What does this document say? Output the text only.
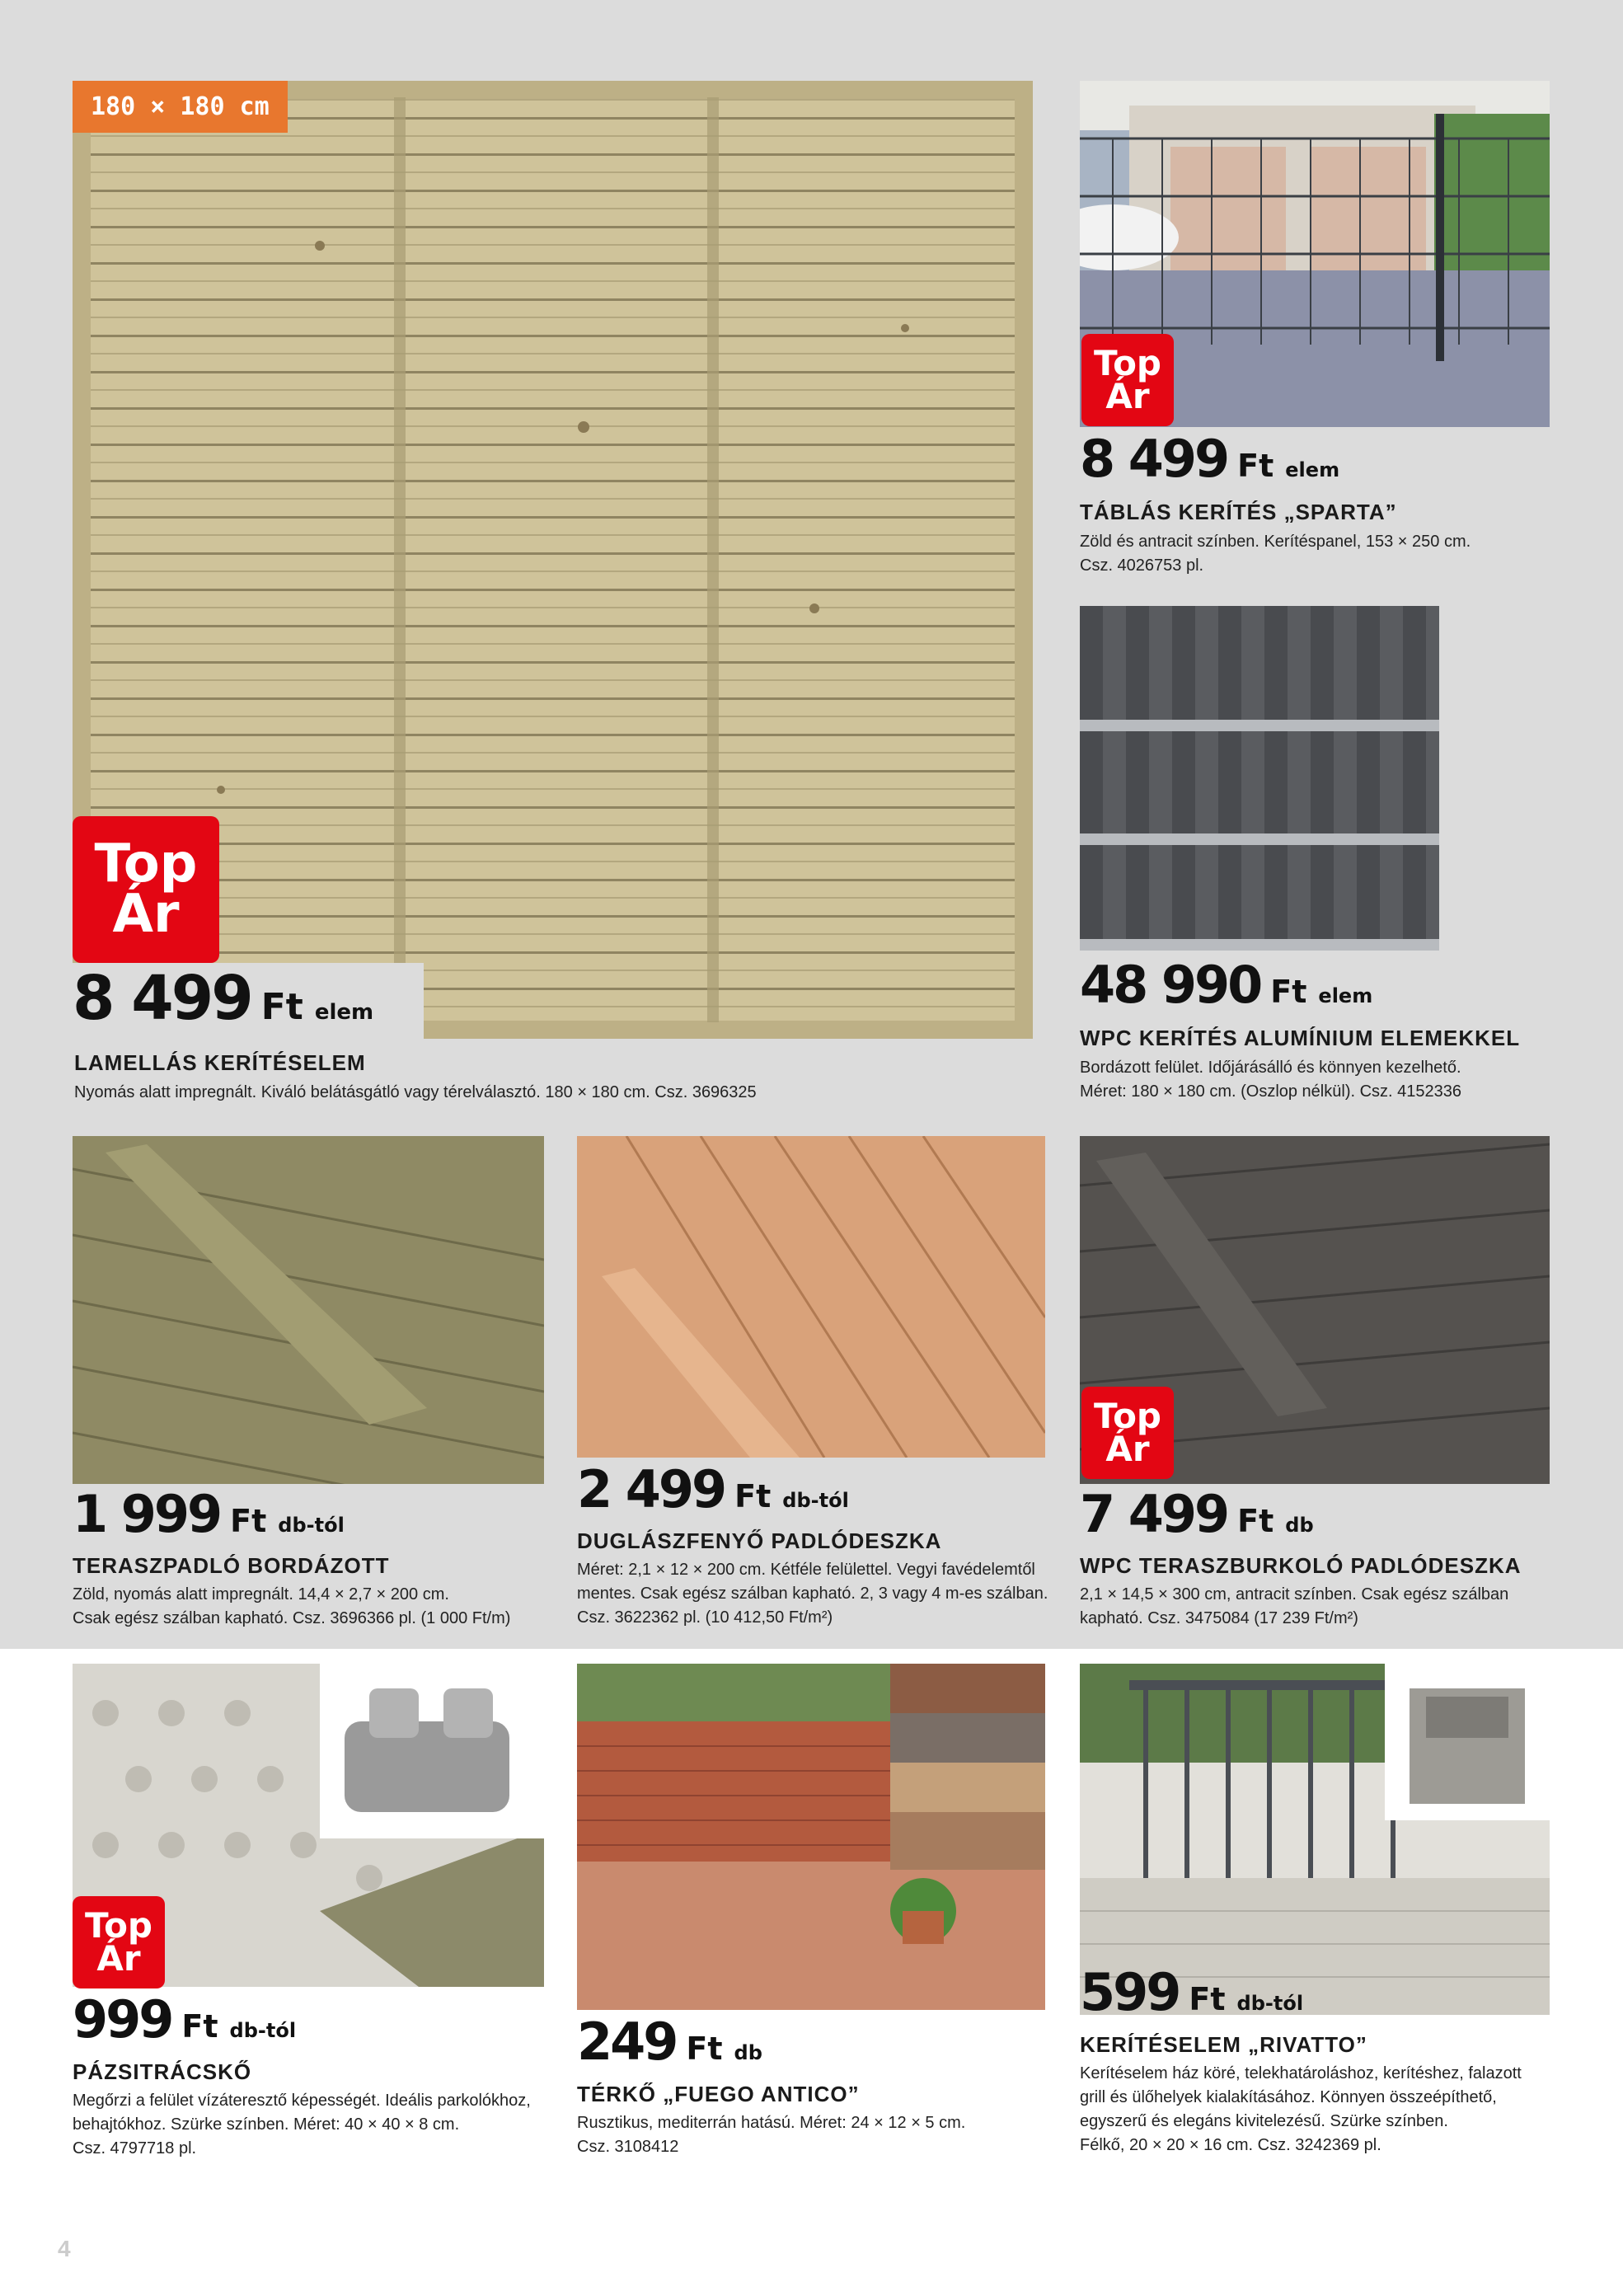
180 × 180 cm
Top
Ár
8 499 Ft elem
LAMELLÁS KERÍTÉSELEM
Nyomás alatt impregnált. Kiváló belátásgátló vagy térelválasztó. 180 × 180 cm. Csz. 3696325
Top
Ár
8 499 Ft elem
TÁBLÁS KERÍTÉS „SPARTA”
Zöld és antracit színben. Kerítéspanel, 153 × 250 cm.
Csz. 4026753 pl.
48 990 Ft elem
WPC KERÍTÉS ALUMÍNIUM ELEMEKKEL
Bordázott felület. Időjárásálló és könnyen kezelhető.
Méret: 180 × 180 cm. (Oszlop nélkül). Csz. 4152336
Top
Ár
1 999 Ft db-tól
TERASZPADLÓ BORDÁZOTT
Zöld, nyomás alatt impregnált. 14,4 × 2,7 × 200 cm.
Csak egész szálban kapható. Csz. 3696366 pl. (1 000 Ft/m)
2 499 Ft db-tól
DUGLÁSZFENYŐ PADLÓDESZKA
Méret: 2,1 × 12 × 200 cm. Kétféle felülettel. Vegyi favédelemtől
mentes. Csak egész szálban kapható. 2, 3 vagy 4 m-es szálban.
Csz. 3622362 pl. (10 412,50 Ft/m²)
7 499 Ft db
WPC TERASZBURKOLÓ PADLÓDESZKA
2,1 × 14,5 × 300 cm, antracit színben. Csak egész szálban
kapható. Csz. 3475084 (17 239 Ft/m²)
Top
Ár
999 Ft db-tól
PÁZSITRÁCSKŐ
Megőrzi a felület vízáteresztő képességét. Ideális parkolókhoz,
behajtókhoz. Szürke színben. Méret: 40 × 40 × 8 cm.
Csz. 4797718 pl.
249 Ft db
TÉRKŐ „FUEGO ANTICO”
Rusztikus, mediterrán hatású. Méret: 24 × 12 × 5 cm.
Csz. 3108412
599 Ft db-tól
KERÍTÉSELEM „RIVATTO”
Kerítéselem ház köré, telekhatároláshoz, kerítéshez, falazott
grill és ülőhelyek kialakításához. Könnyen összeépíthető,
egyszerű és elegáns kivitelezésű. Szürke színben.
Félkő, 20 × 20 × 16 cm. Csz. 3242369 pl.
4
